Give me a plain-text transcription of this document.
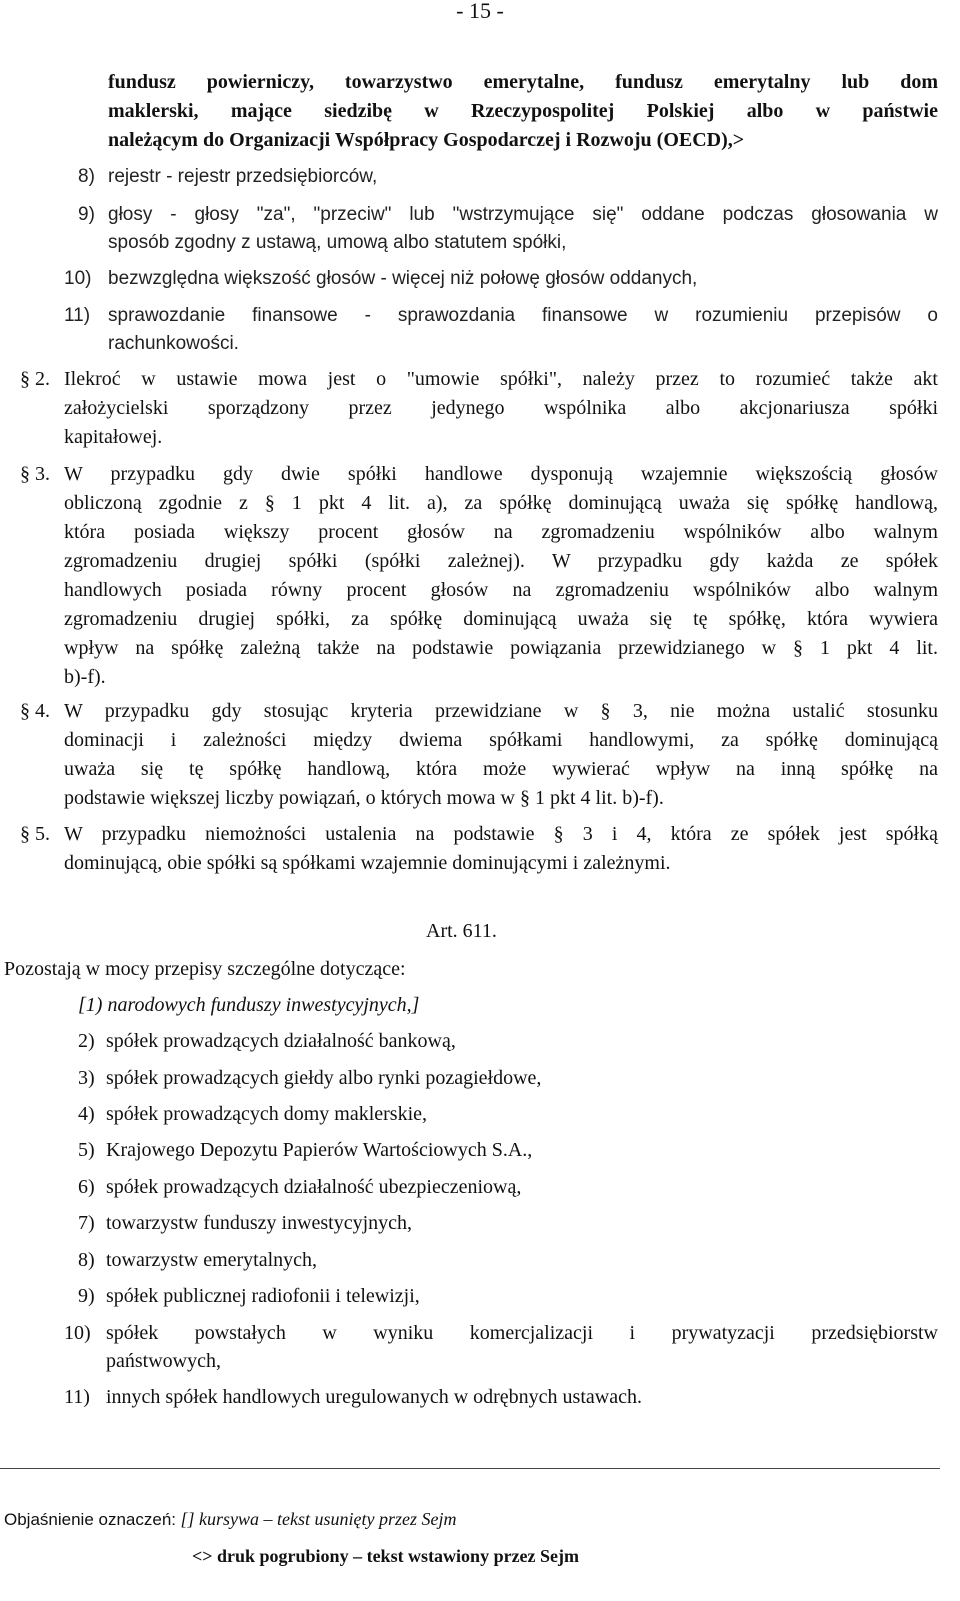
- 15 -
fundusz powierniczy, towarzystwo emerytalne, fundusz emerytalny lub dom
maklerski, mające siedzibę w Rzeczypospolitej Polskiej albo w państwie
należącym do Organizacji Współpracy Gospodarczej i Rozwoju (OECD),>
8) rejestr - rejestr przedsiębiorców,
9) głosy - głosy "za", "przeciw" lub "wstrzymujące się" oddane podczas głosowania w
sposób zgodny z ustawą, umową albo statutem spółki,
10) bezwzględna większość głosów - więcej niż połowę głosów oddanych,
11) sprawozdanie finansowe - sprawozdania finansowe w rozumieniu przepisów o
rachunkowości.
§ 2. Ilekroć w ustawie mowa jest o "umowie spółki", należy przez to rozumieć także akt
założycielski sporządzony przez jedynego wspólnika albo akcjonariusza spółki
kapitałowej.
§ 3. W przypadku gdy dwie spółki handlowe dysponują wzajemnie większością głosów
obliczoną zgodnie z § 1 pkt 4 lit. a), za spółkę dominującą uważa się spółkę handlową,
która posiada większy procent głosów na zgromadzeniu wspólników albo walnym
zgromadzeniu drugiej spółki (spółki zależnej). W przypadku gdy każda ze spółek
handlowych posiada równy procent głosów na zgromadzeniu wspólników albo walnym
zgromadzeniu drugiej spółki, za spółkę dominującą uważa się tę spółkę, która wywiera
wpływ na spółkę zależną także na podstawie powiązania przewidzianego w § 1 pkt 4 lit.
b)-f).
§ 4. W przypadku gdy stosując kryteria przewidziane w § 3, nie można ustalić stosunku
dominacji i zależności między dwiema spółkami handlowymi, za spółkę dominującą
uważa się tę spółkę handlową, która może wywierać wpływ na inną spółkę na
podstawie większej liczby powiązań, o których mowa w § 1 pkt 4 lit. b)-f).
§ 5. W przypadku niemożności ustalenia na podstawie § 3 i 4, która ze spółek jest spółką
dominującą, obie spółki są spółkami wzajemnie dominującymi i zależnymi.
Art. 611.
Pozostają w mocy przepisy szczególne dotyczące:
[1) narodowych funduszy inwestycyjnych,]
2) spółek prowadzących działalność bankową,
3) spółek prowadzących giełdy albo rynki pozagiełdowe,
4) spółek prowadzących domy maklerskie,
5) Krajowego Depozytu Papierów Wartościowych S.A.,
6) spółek prowadzących działalność ubezpieczeniową,
7) towarzystw funduszy inwestycyjnych,
8) towarzystw emerytalnych,
9) spółek publicznej radiofonii i telewizji,
10) spółek powstałych w wyniku komercjalizacji i prywatyzacji przedsiębiorstw
państwowych,
11) innych spółek handlowych uregulowanych w odrębnych ustawach.
Objaśnienie oznaczeń: [] kursywa – tekst usunięty przez Sejm
<> druk pogrubiony – tekst wstawiony przez Sejm
